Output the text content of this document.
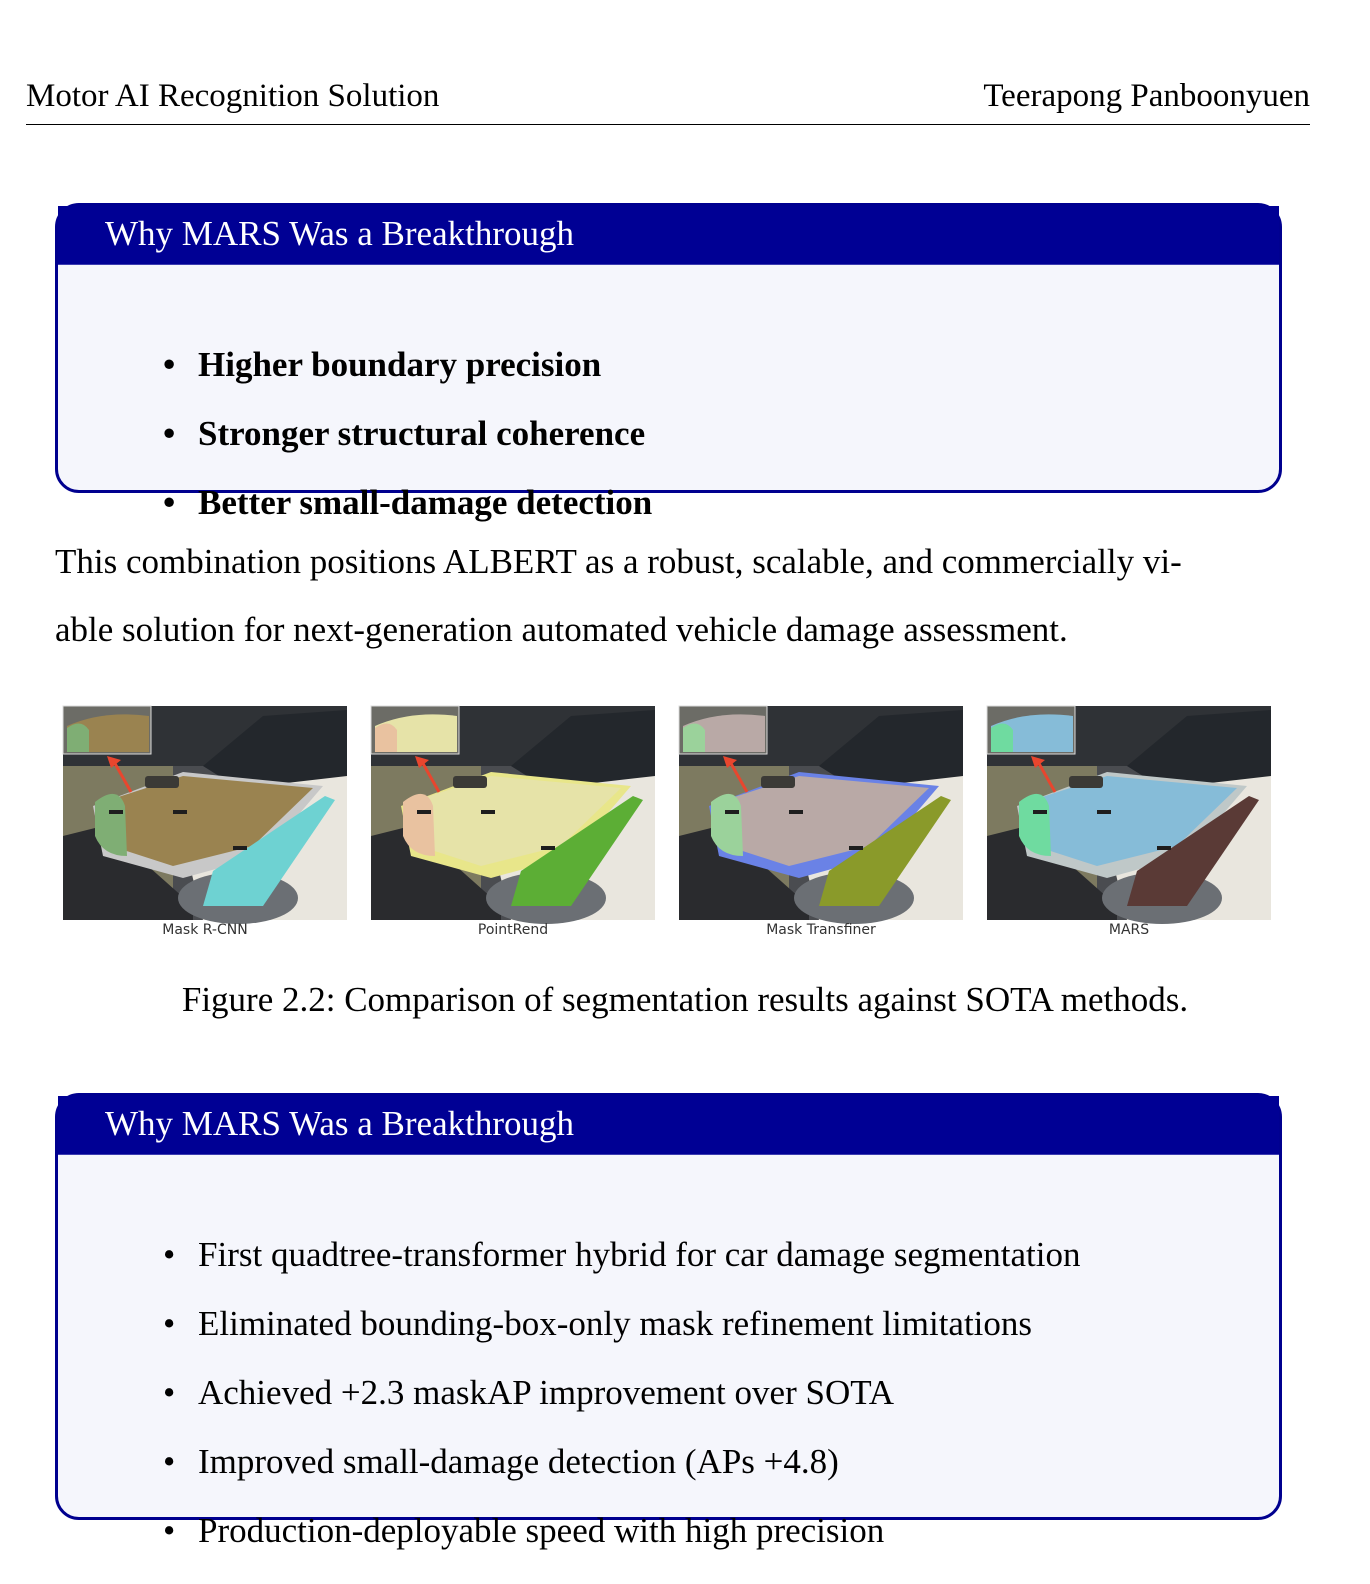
Motor AI Recognition Solution	Teerapong Panboonyuen
Why MARS Was a Breakthrough
• Higher boundary precision
• Stronger structural coherence
• Better small-damage detection
This combination positions ALBERT as a robust, scalable, and commercially vi-
able solution for next-generation automated vehicle damage assessment.
Mask R-CNN	PointRend	Mask Transfiner	MARS
Figure 2.2: Comparison of segmentation results against SOTA methods.
Why MARS Was a Breakthrough
• First quadtree-transformer hybrid for car damage segmentation
• Eliminated bounding-box-only mask refinement limitations
• Achieved +2.3 maskAP improvement over SOTA
• Improved small-damage detection (APs +4.8)
• Production-deployable speed with high precision
